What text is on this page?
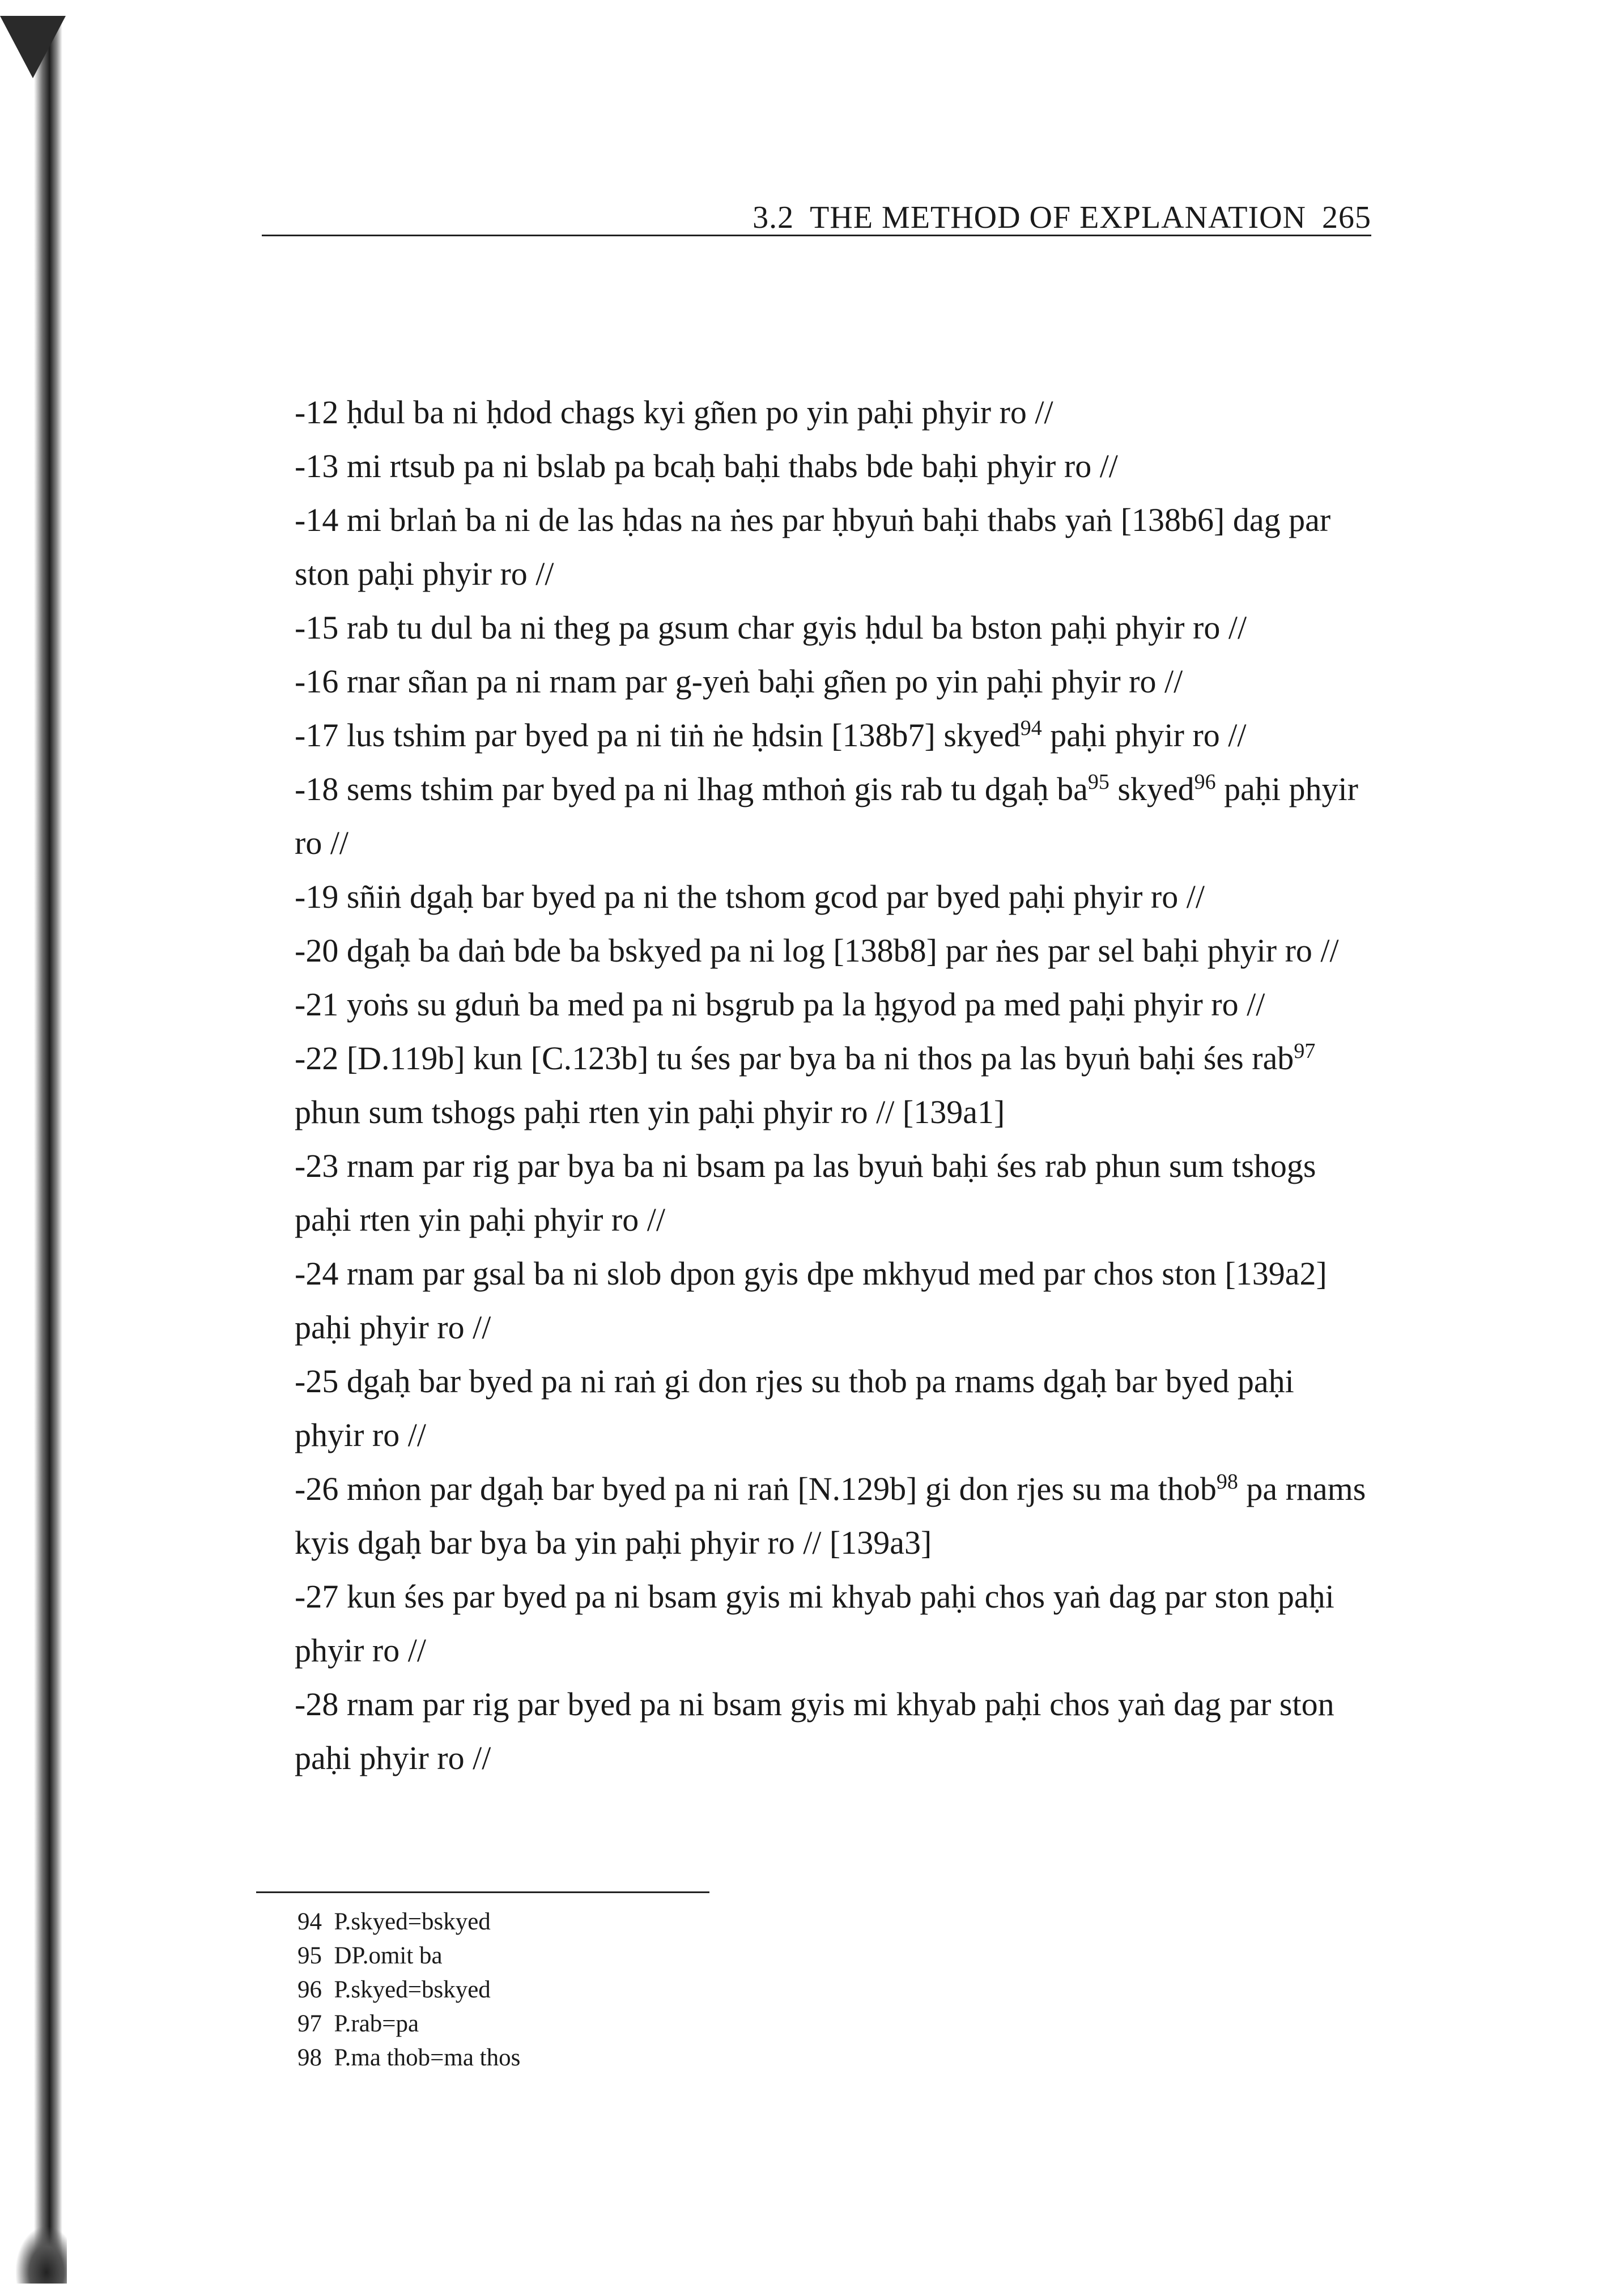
3.2 THE METHOD OF EXPLANATION 265

-12 ḥdul ba ni ḥdod chags kyi gñen po yin paḥi phyir ro //

-13 mi rtsub pa ni bslab pa bcaḥ baḥi thabs bde baḥi phyir ro //

-14 mi brlaṅ ba ni de las ḥdas na ṅes par ḥbyuṅ baḥi thabs yaṅ [138b6] dag par ston paḥi phyir ro //

-15 rab tu dul ba ni theg pa gsum char gyis ḥdul ba bston paḥi phyir ro //

-16 rnar sñan pa ni rnam par g-yeṅ baḥi gñen po yin paḥi phyir ro //

-17 lus tshim par byed pa ni tiṅ ṅe ḥdsin [138b7] skyed$^{94}$ paḥi phyir ro //

-18 sems tshim par byed pa ni lhag mthoṅ gis rab tu dgaḥ $ba^{95}$ skyed$^{96}$ paḥi phyir ro //

-19 sñiṅ dgaḥ bar byed pa ni the tshom gcod par byed paḥi phyir ro //

-20 dgaḥ ba daṅ bde ba bskyed pa ni log [138b8] par ṅes par sel baḥi phyir ro //

-21 yoṅs su gduṅ ba med pa ni bsgrub pa la ḥgyod pa med paḥi phyir ro //

-22 [D.119b] kun [C.123b] tu śes par bya ba ni thos pa las byuṅ baḥi śes rab$^{97}$ phun sum tshogs paḥi rten yin paḥi phyir ro // [139a1]

-23 rnam par rig par bya ba ni bsam pa las byuṅ baḥi śes rab phun sum tshogs paḥi rten yin paḥi phyir ro //

-24 rnam par gsal ba ni slob dpon gyis dpe mkhyud med par chos ston [139a2] paḥi phyir ro //

-25 dgaḥ bar byed pa ni raṅ gi don rjes su thob pa rnams dgaḥ bar byed paḥi phyir ro //

-26 mṅon par dgaḥ bar byed pa ni raṅ [N.129b] gi don rjes su ma thob$^{98}$ pa rnams kyis dgaḥ bar bya ba yin paḥi phyir ro // [139a3]

-27 kun śes par byed pa ni bsam gyis mi khyab paḥi chos yaṅ dag par ston paḥi phyir ro //

-28 rnam par rig par byed pa ni bsam gyis mi khyab paḥi chos yaṅ dag par ston paḥi phyir ro //

94  P.skyed=bskyed
95  DP.omit ba
96  P.skyed=bskyed
97  P.rab=pa
98  P.ma thob=ma thos
